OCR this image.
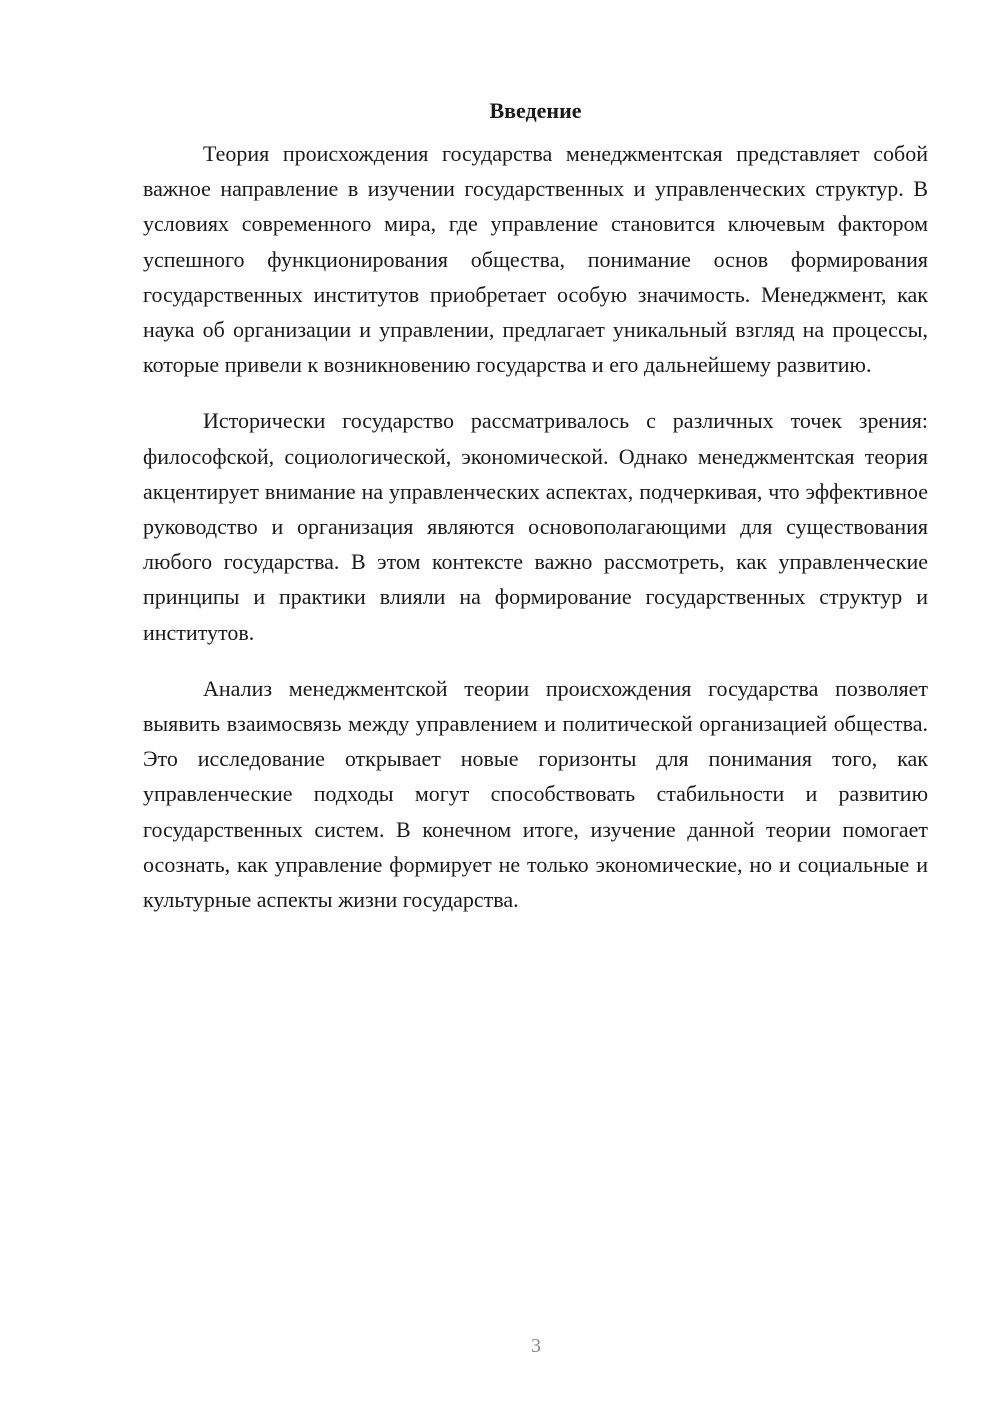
Введение

Теория происхождения государства менеджментская представляет собой важное направление в изучении государственных и управленческих структур. В условиях современного мира, где управление становится ключевым фактором успешного функционирования общества, понимание основ формирования государственных институтов приобретает особую значимость. Менеджмент, как наука об организации и управлении, предлагает уникальный взгляд на процессы, которые привели к возникновению государства и его дальнейшему развитию.

Исторически государство рассматривалось с различных точек зрения: философской, социологической, экономической. Однако менеджментская теория акцентирует внимание на управленческих аспектах, подчеркивая, что эффективное руководство и организация являются основополагающими для существования любого государства. В этом контексте важно рассмотреть, как управленческие принципы и практики влияли на формирование государственных структур и институтов.

Анализ менеджментской теории происхождения государства позволяет выявить взаимосвязь между управлением и политической организацией общества. Это исследование открывает новые горизонты для понимания того, как управленческие подходы могут способствовать стабильности и развитию государственных систем. В конечном итоге, изучение данной теории помогает осознать, как управление формирует не только экономические, но и социальные и культурные аспекты жизни государства.

3
